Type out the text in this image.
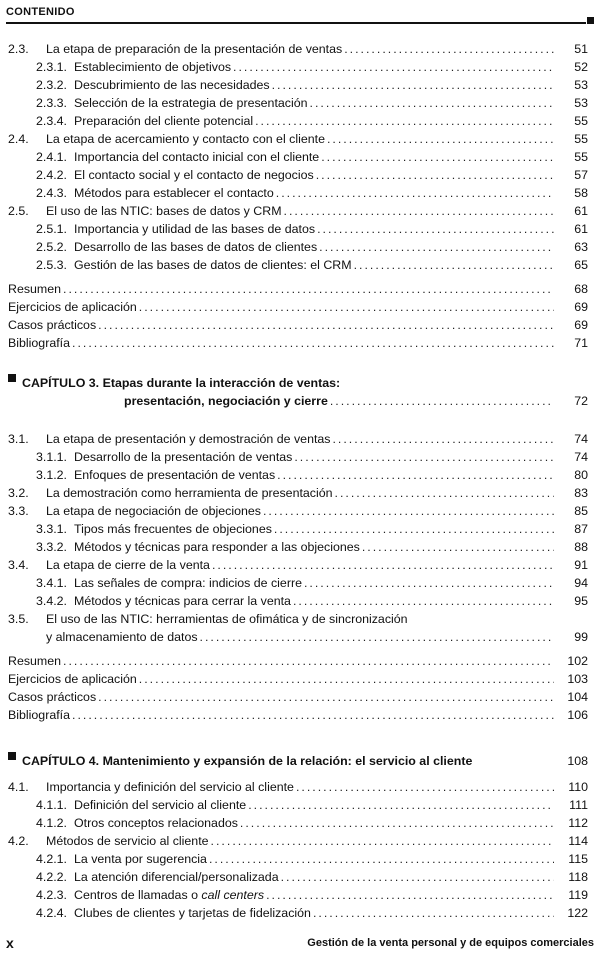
CONTENIDO
2.3.	La etapa de preparación de la presentación de ventas .....	51
2.3.1. Establecimiento de objetivos .....	52
2.3.2. Descubrimiento de las necesidades .....	53
2.3.3. Selección de la estrategia de presentación .....	53
2.3.4. Preparación del cliente potencial .....	55
2.4.	La etapa de acercamiento y contacto con el cliente .....	55
2.4.1. Importancia del contacto inicial con el cliente .....	55
2.4.2. El contacto social y el contacto de negocios .....	57
2.4.3. Métodos para establecer el contacto .....	58
2.5.	El uso de las NTIC: bases de datos y CRM .....	61
2.5.1. Importancia y utilidad de las bases de datos .....	61
2.5.2. Desarrollo de las bases de datos de clientes .....	63
2.5.3. Gestión de las bases de datos de clientes: el CRM .....	65
Resumen .....	68
Ejercicios de aplicación .....	69
Casos prácticos .....	69
Bibliografía .....	71
CAPÍTULO 3.
Etapas durante la interacción de ventas:
presentación, negociación y cierre .....	72
3.1.	La etapa de presentación y demostración de ventas .....	74
3.1.1. Desarrollo de la presentación de ventas .....	74
3.1.2. Enfoques de presentación de ventas .....	80
3.2.	La demostración como herramienta de presentación .....	83
3.3.	La etapa de negociación de objeciones .....	85
3.3.1. Tipos más frecuentes de objeciones .....	87
3.3.2. Métodos y técnicas para responder a las objeciones .....	88
3.4.	La etapa de cierre de la venta .....	91
3.4.1. Las señales de compra: indicios de cierre .....	94
3.4.2. Métodos y técnicas para cerrar la venta .....	95
3.5.	El uso de las NTIC: herramientas de ofimática y de sincronización
y almacenamiento de datos .....	99
Resumen .....	102
Ejercicios de aplicación .....	103
Casos prácticos .....	104
Bibliografía .....	106
CAPÍTULO 4.
Mantenimiento y expansión de la relación: el servicio al cliente	108
4.1.	Importancia y definición del servicio al cliente .....	110
4.1.1. Definición del servicio al cliente .....	111
4.1.2. Otros conceptos relacionados .....	112
4.2.	Métodos de servicio al cliente .....	114
4.2.1. La venta por sugerencia .....	115
4.2.2. La atención diferencial/personalizada .....	118
4.2.3. Centros de llamadas o call centers .....	119
4.2.4. Clubes de clientes y tarjetas de fidelización .....	122
x	Gestión de la venta personal y de equipos comerciales
